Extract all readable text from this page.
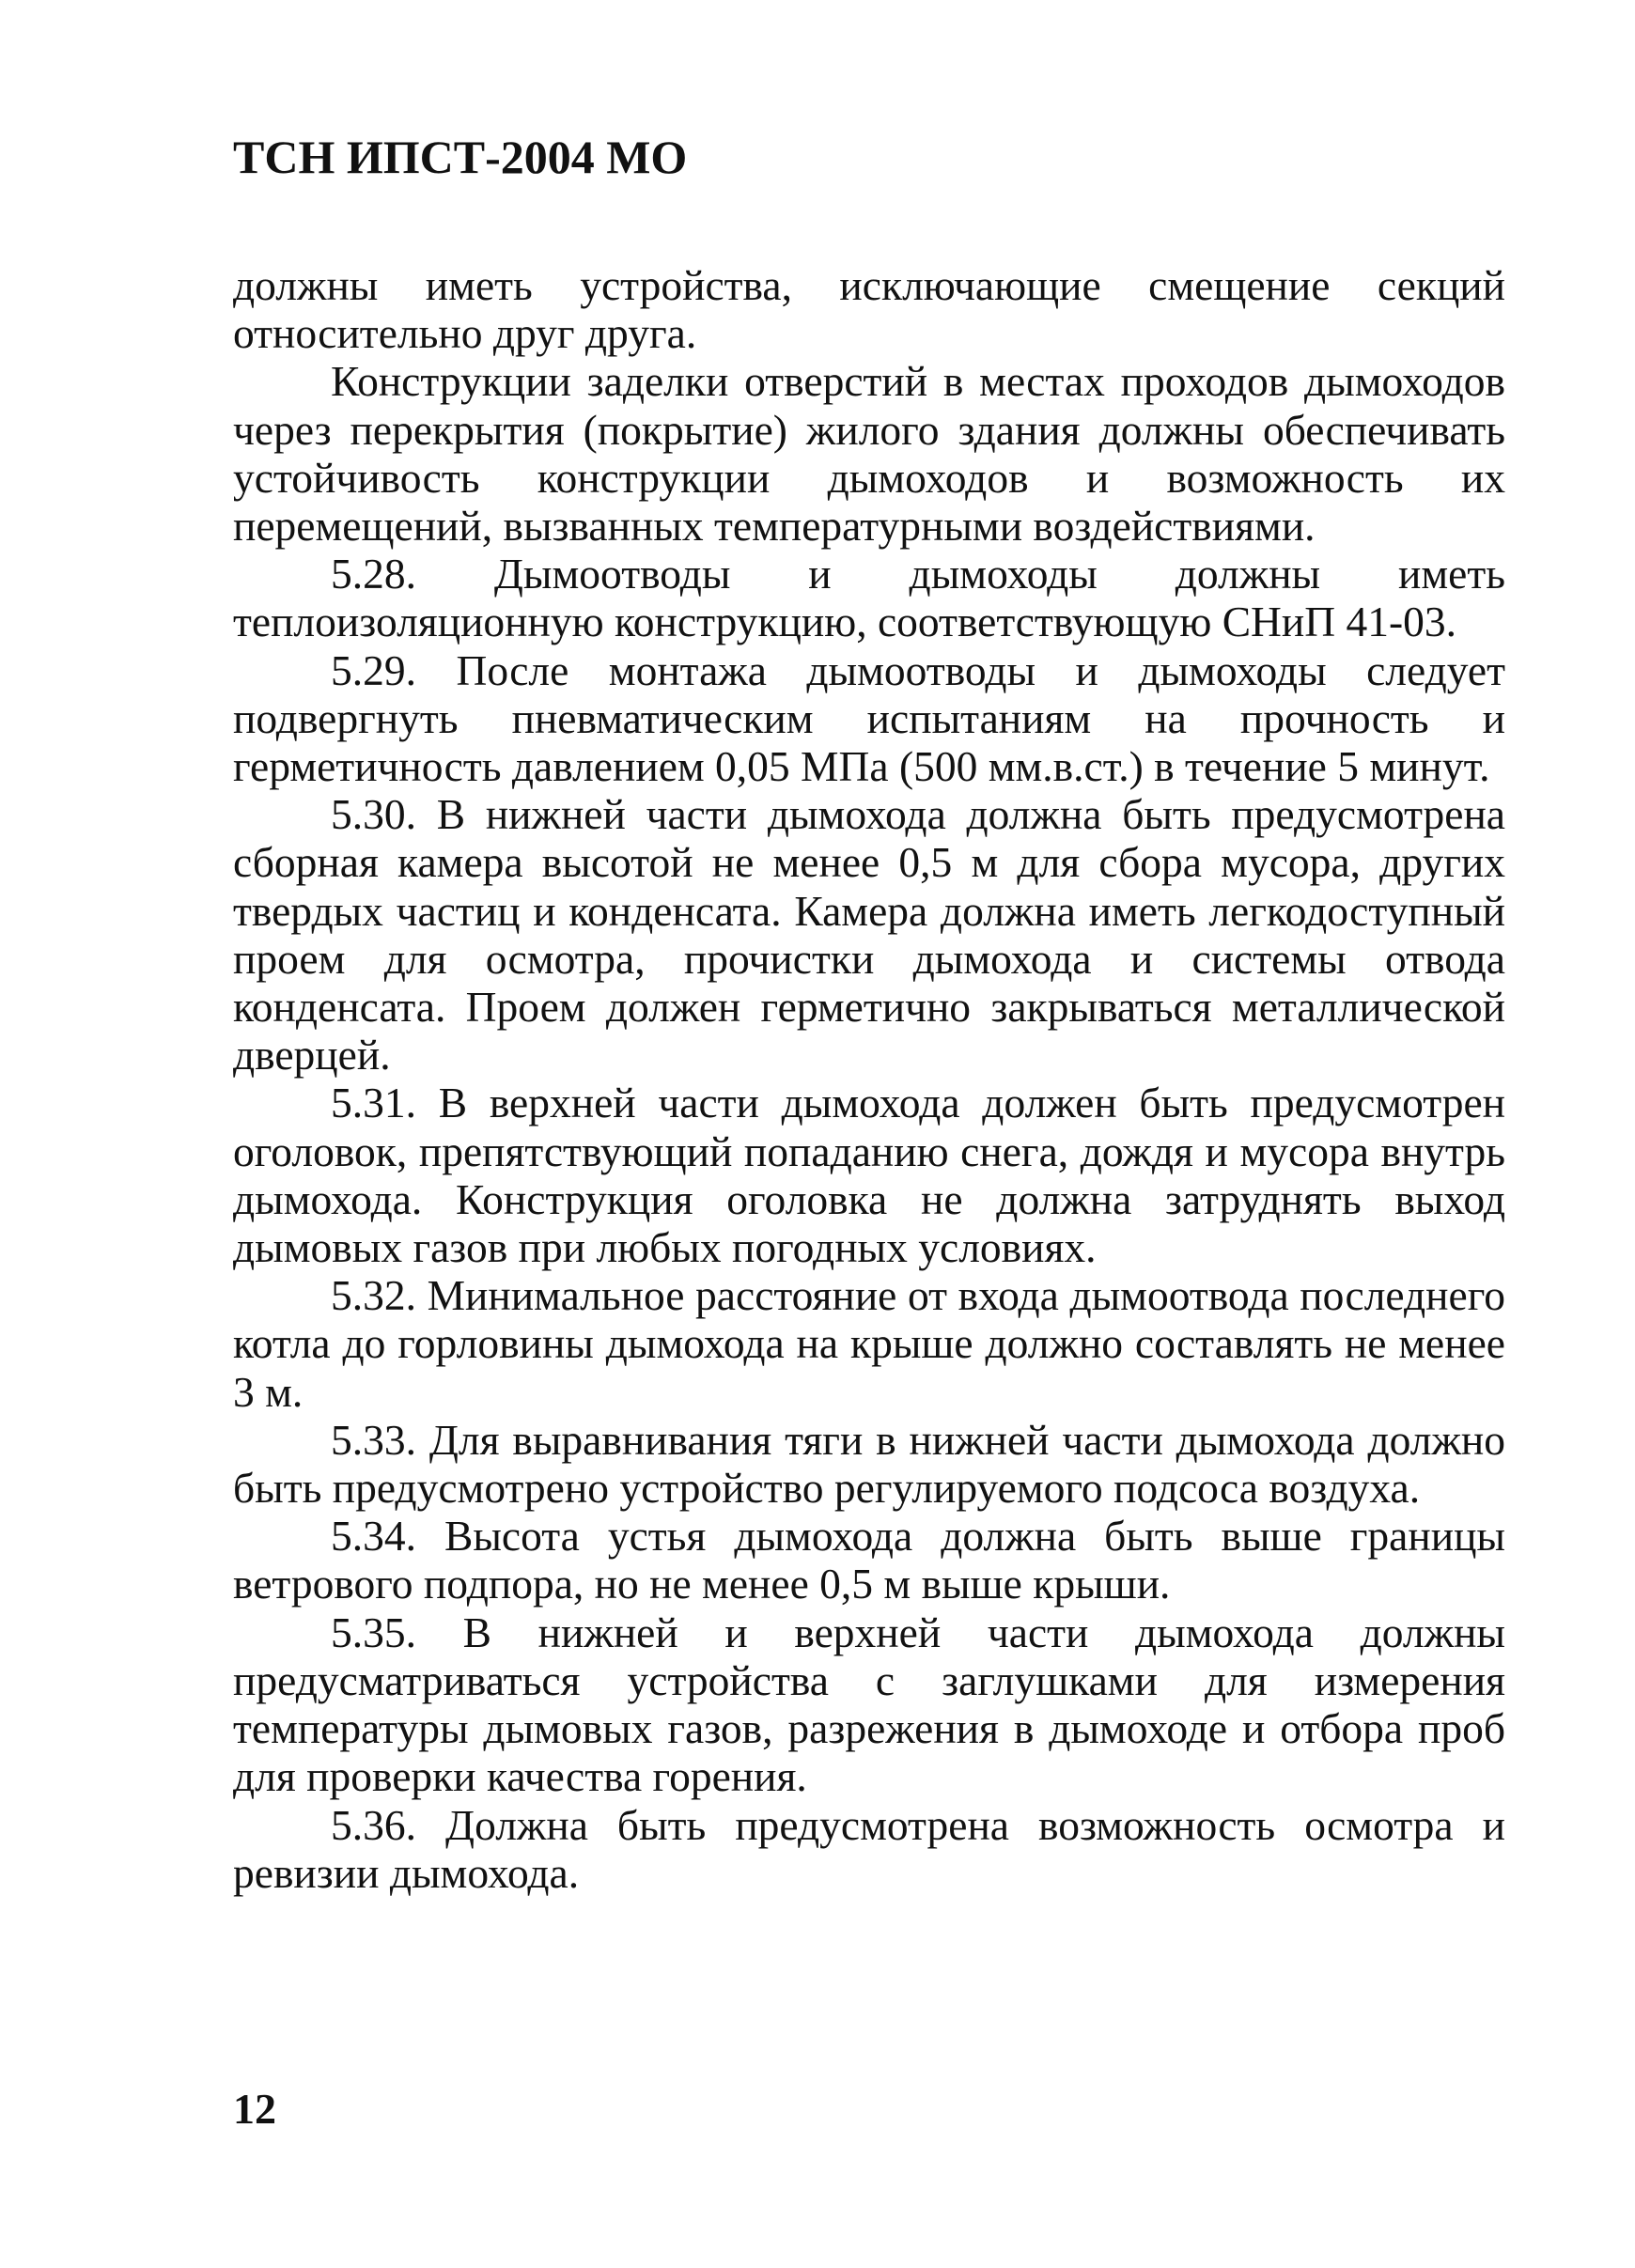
ТСН ИПСТ-2004 МО

должны иметь устройства, исключающие смещение секций относительно друг друга.

Конструкции заделки отверстий в местах проходов дымоходов через перекрытия (покрытие) жилого здания должны обеспечивать устойчивость конструкции дымоходов и возможность их перемещений, вызванных температурными воздействиями.

5.28. Дымоотводы и дымоходы должны иметь теплоизоляционную конструкцию, соответствующую СНиП 41-03.

5.29. После монтажа дымоотводы и дымоходы следует подвергнуть пневматическим испытаниям на прочность и герметичность давлением 0,05 МПа (500 мм.в.ст.) в течение 5 минут.

5.30. В нижней части дымохода должна быть предусмотрена сборная камера высотой не менее 0,5 м для сбора мусора, других твердых частиц и конденсата. Камера должна иметь легкодоступный проем для осмотра, прочистки дымохода и системы отвода конденсата. Проем должен герметично закрываться металлической дверцей.

5.31. В верхней части дымохода должен быть предусмотрен оголовок, препятствующий попаданию снега, дождя и мусора внутрь дымохода. Конструкция оголовка не должна затруднять выход дымовых газов при любых погодных условиях.

5.32. Минимальное расстояние от входа дымоотвода последнего котла до горловины дымохода на крыше должно составлять не менее 3 м.

5.33. Для выравнивания тяги в нижней части дымохода должно быть предусмотрено устройство регулируемого подсоса воздуха.

5.34. Высота устья дымохода должна быть выше границы ветрового подпора, но не менее 0,5 м выше крыши.

5.35. В нижней и верхней части дымохода должны предусматриваться устройства с заглушками для измерения температуры дымовых газов, разрежения в дымоходе и отбора проб для проверки качества горения.

5.36. Должна быть предусмотрена возможность осмотра и ревизии дымохода.

12
